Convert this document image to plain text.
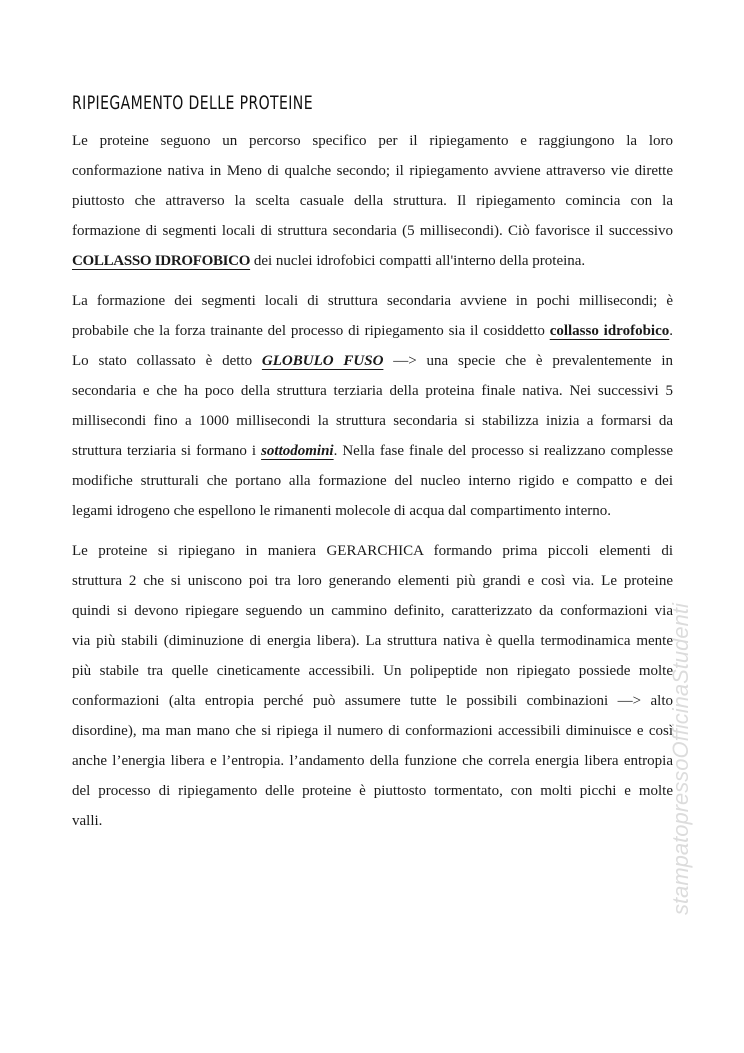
RIPIEGAMENTO DELLE PROTEINE
Le proteine seguono un percorso specifico per il ripiegamento e raggiungono la loro
conformazione nativa in Meno di qualche secondo; il ripiegamento avviene attraverso vie dirette
piuttosto che attraverso la scelta casuale della struttura. Il ripiegamento comincia con la
formazione di segmenti locali di struttura secondaria (5 millisecondi). Ciò favorisce il successivo
COLLASSO IDROFOBICO dei nuclei idrofobici compatti all'interno della proteina.
La formazione dei segmenti locali di struttura secondaria avviene in pochi millisecondi; è
probabile che la forza trainante del processo di ripiegamento sia il cosiddetto collasso idrofobico.
Lo stato collassato è detto GLOBULO FUSO —> una specie che è prevalentemente in
secondaria e che ha poco della struttura terziaria della proteina finale nativa. Nei successivi 5
millisecondi fino a 1000 millisecondi la struttura secondaria si stabilizza inizia a formarsi da
struttura terziaria si formano i sottodomini. Nella fase finale del processo si realizzano complesse
modifiche strutturali che portano alla formazione del nucleo interno rigido e compatto e dei
legami idrogeno che espellono le rimanenti molecole di acqua dal compartimento interno.
Le proteine si ripiegano in maniera GERARCHICA formando prima piccoli elementi di
struttura 2 che si uniscono poi tra loro generando elementi più grandi e così via. Le proteine
quindi si devono ripiegare seguendo un cammino definito, caratterizzato da conformazioni via
via più stabili (diminuzione di energia libera). La struttura nativa è quella termodinamica mente
più stabile tra quelle cineticamente accessibili. Un polipeptide non ripiegato possiede molte
conformazioni (alta entropia perché può assumere tutte le possibili combinazioni —> alto
disordine), ma man mano che si ripiega il numero di conformazioni accessibili diminuisce e così
anche l’energia libera e l’entropia. l’andamento della funzione che correla energia libera entropia
del processo di ripiegamento delle proteine è piuttosto tormentato, con molti picchi e molte
valli.	stampatopressoOfficinaStudenti
